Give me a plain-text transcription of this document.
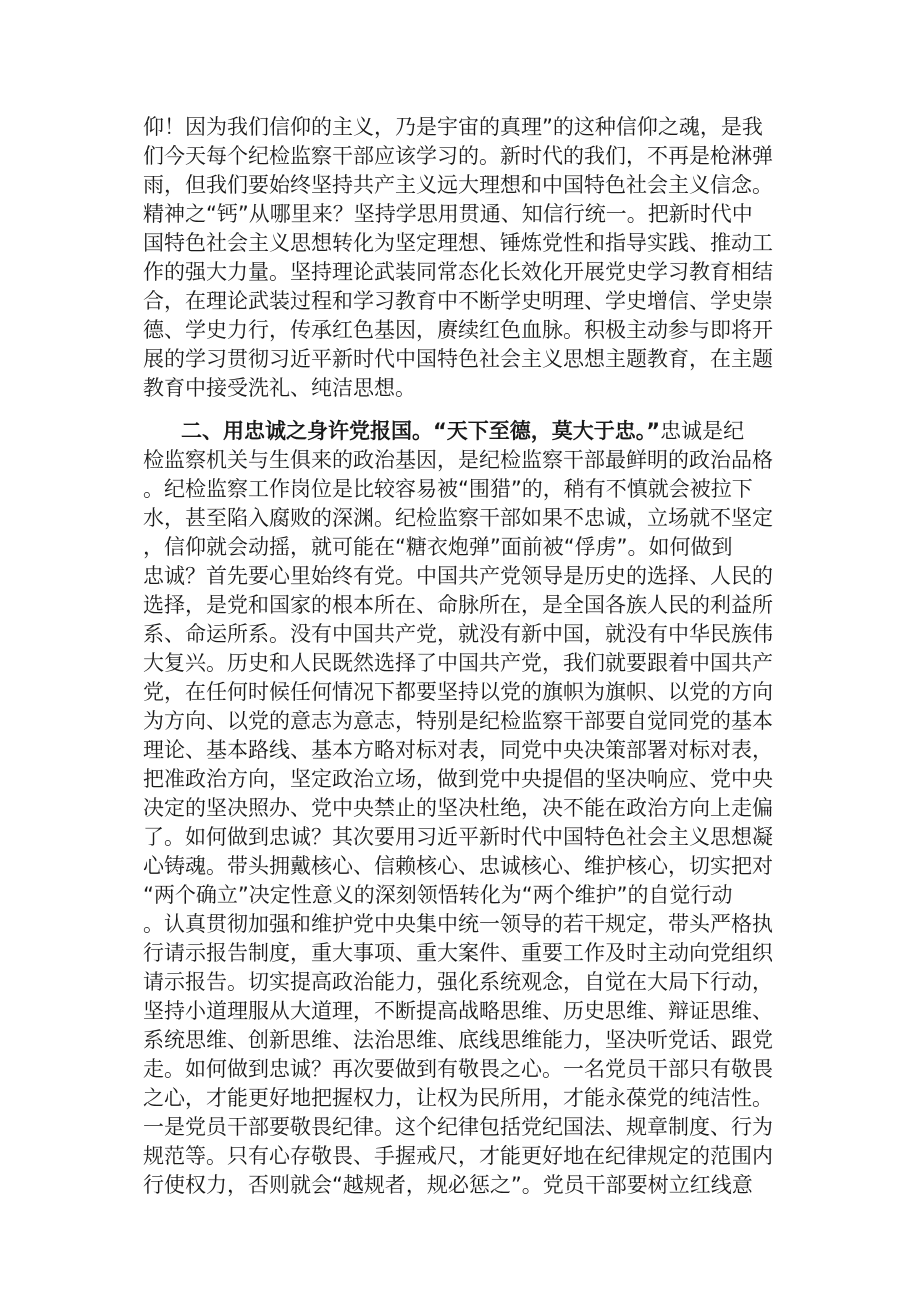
仰！因为我们信仰的主义，乃是宇宙的真理”的这种信仰之魂，是我
们今天每个纪检监察干部应该学习的。新时代的我们，不再是枪淋弹
雨，但我们要始终坚持共产主义远大理想和中国特色社会主义信念。
精神之“钙”从哪里来？坚持学思用贯通、知信行统一。把新时代中
国特色社会主义思想转化为坚定理想、锤炼党性和指导实践、推动工
作的强大力量。坚持理论武装同常态化长效化开展党史学习教育相结
合，在理论武装过程和学习教育中不断学史明理、学史增信、学史崇
德、学史力行，传承红色基因，赓续红色血脉。积极主动参与即将开
展的学习贯彻习近平新时代中国特色社会主义思想主题教育，在主题
教育中接受洗礼、纯洁思想。
二、用忠诚之身许党报国。“天下至德，莫大于忠。”忠诚是纪
检监察机关与生俱来的政治基因，是纪检监察干部最鲜明的政治品格
。纪检监察工作岗位是比较容易被“围猎”的，稍有不慎就会被拉下
水，甚至陷入腐败的深渊。纪检监察干部如果不忠诚，立场就不坚定
，信仰就会动摇，就可能在“糖衣炮弹”面前被“俘虏”。如何做到
忠诚？首先要心里始终有党。中国共产党领导是历史的选择、人民的
选择，是党和国家的根本所在、命脉所在，是全国各族人民的利益所
系、命运所系。没有中国共产党，就没有新中国，就没有中华民族伟
大复兴。历史和人民既然选择了中国共产党，我们就要跟着中国共产
党，在任何时候任何情况下都要坚持以党的旗帜为旗帜、以党的方向
为方向、以党的意志为意志，特别是纪检监察干部要自觉同党的基本
理论、基本路线、基本方略对标对表，同党中央决策部署对标对表，
把准政治方向，坚定政治立场，做到党中央提倡的坚决响应、党中央
决定的坚决照办、党中央禁止的坚决杜绝，决不能在政治方向上走偏
了。如何做到忠诚？其次要用习近平新时代中国特色社会主义思想凝
心铸魂。带头拥戴核心、信赖核心、忠诚核心、维护核心，切实把对
“两个确立”决定性意义的深刻领悟转化为“两个维护”的自觉行动
。认真贯彻加强和维护党中央集中统一领导的若干规定，带头严格执
行请示报告制度，重大事项、重大案件、重要工作及时主动向党组织
请示报告。切实提高政治能力，强化系统观念，自觉在大局下行动，
坚持小道理服从大道理，不断提高战略思维、历史思维、辩证思维、
系统思维、创新思维、法治思维、底线思维能力，坚决听党话、跟党
走。如何做到忠诚？再次要做到有敬畏之心。一名党员干部只有敬畏
之心，才能更好地把握权力，让权为民所用，才能永葆党的纯洁性。
一是党员干部要敬畏纪律。这个纪律包括党纪国法、规章制度、行为
规范等。只有心存敬畏、手握戒尺，才能更好地在纪律规定的范围内
行使权力，否则就会“越规者，规必惩之”。党员干部要树立红线意
